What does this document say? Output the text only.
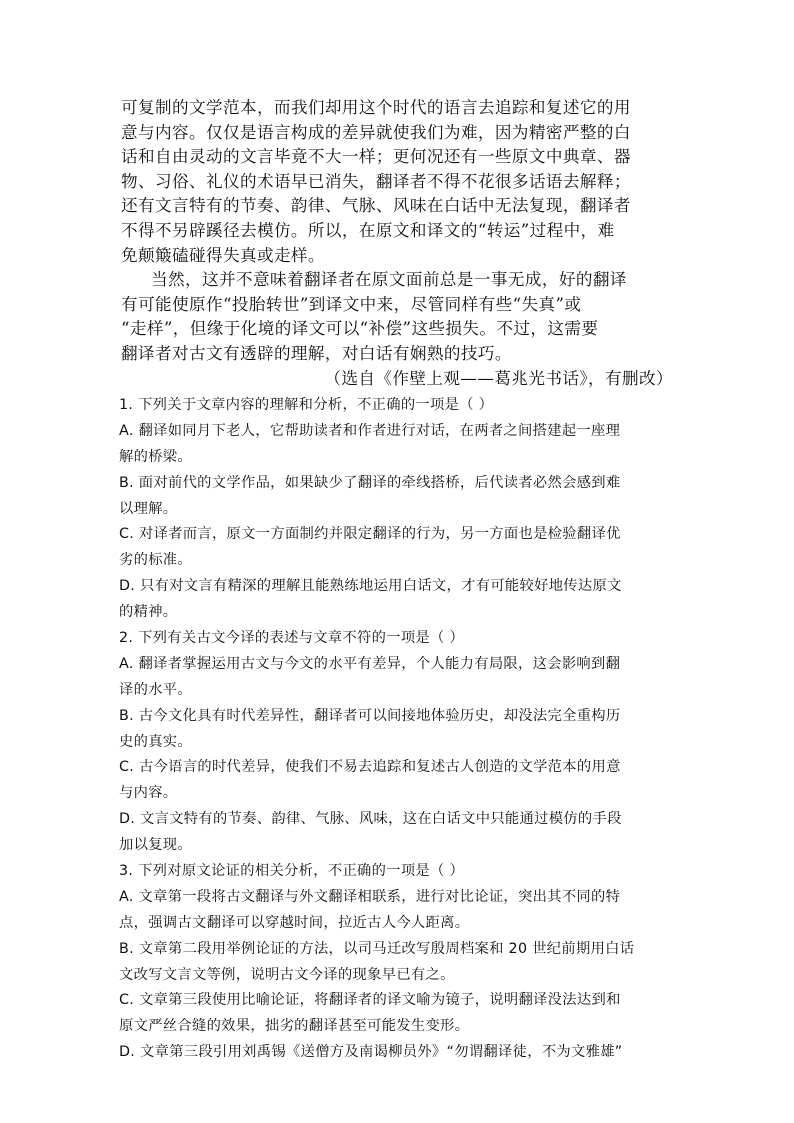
可复制的文学范本，而我们却用这个时代的语言去追踪和复述它的用
意与内容。仅仅是语言构成的差异就使我们为难，因为精密严整的白
话和自由灵动的文言毕竟不大一样；更何况还有一些原文中典章、器
物、习俗、礼仪的术语早已消失，翻译者不得不花很多话语去解释；
还有文言特有的节奏、韵律、气脉、风味在白话中无法复现，翻译者
不得不另辟蹊径去模仿。所以，在原文和译文的“转运”过程中，难
免颠簸磕碰得失真或走样。
当然，这并不意味着翻译者在原文面前总是一事无成，好的翻译
有可能使原作“投胎转世”到译文中来，尽管同样有些“失真”或
“走样”，但缘于化境的译文可以“补偿”这些损失。不过，这需要
翻译者对古文有透辟的理解，对白话有娴熟的技巧。
（选自《作壁上观——葛兆光书话》，有删改）
1. 下列关于文章内容的理解和分析，不正确的一项是（ ）
A. 翻译如同月下老人，它帮助读者和作者进行对话，在两者之间搭建起一座理
解的桥梁。
B. 面对前代的文学作品，如果缺少了翻译的牵线搭桥，后代读者必然会感到难
以理解。
C. 对译者而言，原文一方面制约并限定翻译的行为，另一方面也是检验翻译优
劣的标准。
D. 只有对文言有精深的理解且能熟练地运用白话文，才有可能较好地传达原文
的精神。
2. 下列有关古文今译的表述与文章不符的一项是（ ）
A. 翻译者掌握运用古文与今文的水平有差异，个人能力有局限，这会影响到翻
译的水平。
B. 古今文化具有时代差异性，翻译者可以间接地体验历史，却没法完全重构历
史的真实。
C. 古今语言的时代差异，使我们不易去追踪和复述古人创造的文学范本的用意
与内容。
D. 文言文特有的节奏、韵律、气脉、风味，这在白话文中只能通过模仿的手段
加以复现。
3. 下列对原文论证的相关分析，不正确的一项是（ ）
A. 文章第一段将古文翻译与外文翻译相联系，进行对比论证，突出其不同的特
点，强调古文翻译可以穿越时间，拉近古人今人距离。
B. 文章第二段用举例论证的方法，以司马迁改写殷周档案和 20 世纪前期用白话
文改写文言文等例，说明古文今译的现象早已有之。
C. 文章第三段使用比喻论证，将翻译者的译文喻为镜子，说明翻译没法达到和
原文严丝合缝的效果，拙劣的翻译甚至可能发生变形。
D. 文章第三段引用刘禹锡《送僧方及南谒柳员外》“勿谓翻译徒，不为文雅雄”
